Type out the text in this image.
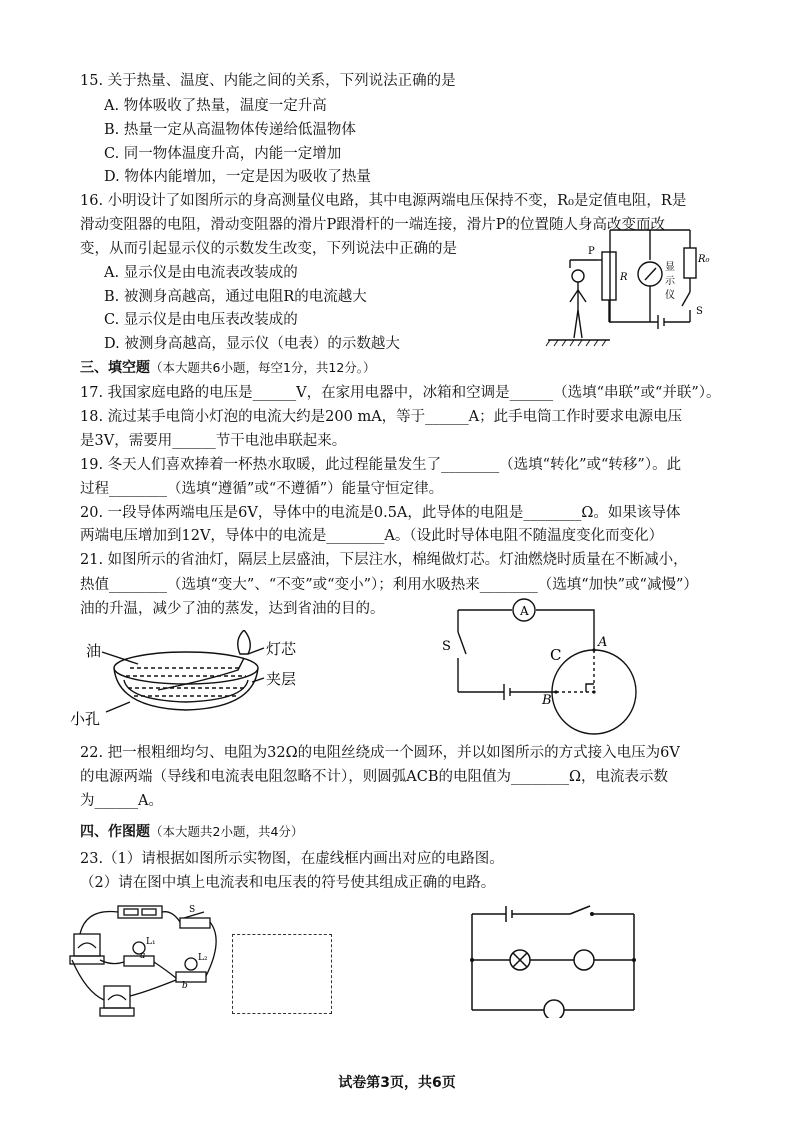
15. 关于热量、温度、内能之间的关系，下列说法正确的是
A. 物体吸收了热量，温度一定升高
B. 热量一定从高温物体传递给低温物体
C. 同一物体温度升高，内能一定增加
D. 物体内能增加，一定是因为吸收了热量
16. 小明设计了如图所示的身高测量仪电路，其中电源两端电压保持不变，R₀是定值电阻，R是
滑动变阻器的电阻，滑动变阻器的滑片P跟滑杆的一端连接，滑片P的位置随人身高改变而改
变，从而引起显示仪的示数发生改变，下列说法中正确的是
A. 显示仪是由电流表改装成的
B. 被测身高越高，通过电阻R的电流越大
C. 显示仪是由电压表改装成的
D. 被测身高越高，显示仪（电表）的示数越大
P
R
R₀
显
示
仪
S
三、填空题（本大题共6小题，每空1分，共12分。）
17. 我国家庭电路的电压是______V，在家用电器中，冰箱和空调是______（选填“串联”或“并联”）。
18. 流过某手电筒小灯泡的电流大约是200 mA，等于______A；此手电筒工作时要求电源电压
是3V，需要用______节干电池串联起来。
19. 冬天人们喜欢捧着一杯热水取暖，此过程能量发生了________（选填“转化”或“转移”）。此
过程________（选填“遵循”或“不遵循”）能量守恒定律。
20. 一段导体两端电压是6V，导体中的电流是0.5A，此导体的电阻是________Ω。如果该导体
两端电压增加到12V，导体中的电流是________A。（设此时导体电阻不随温度变化而变化）
21. 如图所示的省油灯，隔层上层盛油，下层注水，棉绳做灯芯。灯油燃烧时质量在不断减小，
热值________（选填“变大”、“不变”或“变小”）；利用水吸热来________（选填“加快”或“减慢”）
油的升温，减少了油的蒸发，达到省油的目的。
油	灯芯
夹层
小孔
A
S	A
B
C
22. 把一根粗细均匀、电阻为32Ω的电阻丝绕成一个圆环，并以如图所示的方式接入电压为6V
的电源两端（导线和电流表电阻忽略不计），则圆弧ACB的电阻值为________Ω，电流表示数
为______A。
四、作图题（本大题共2小题，共4分）
23.（1）请根据如图所示实物图，在虚线框内画出对应的电路图。
（2）请在图中填上电流表和电压表的符号使其组成正确的电路。
S
L₁
a	L₂
b
试卷第3页，共6页
